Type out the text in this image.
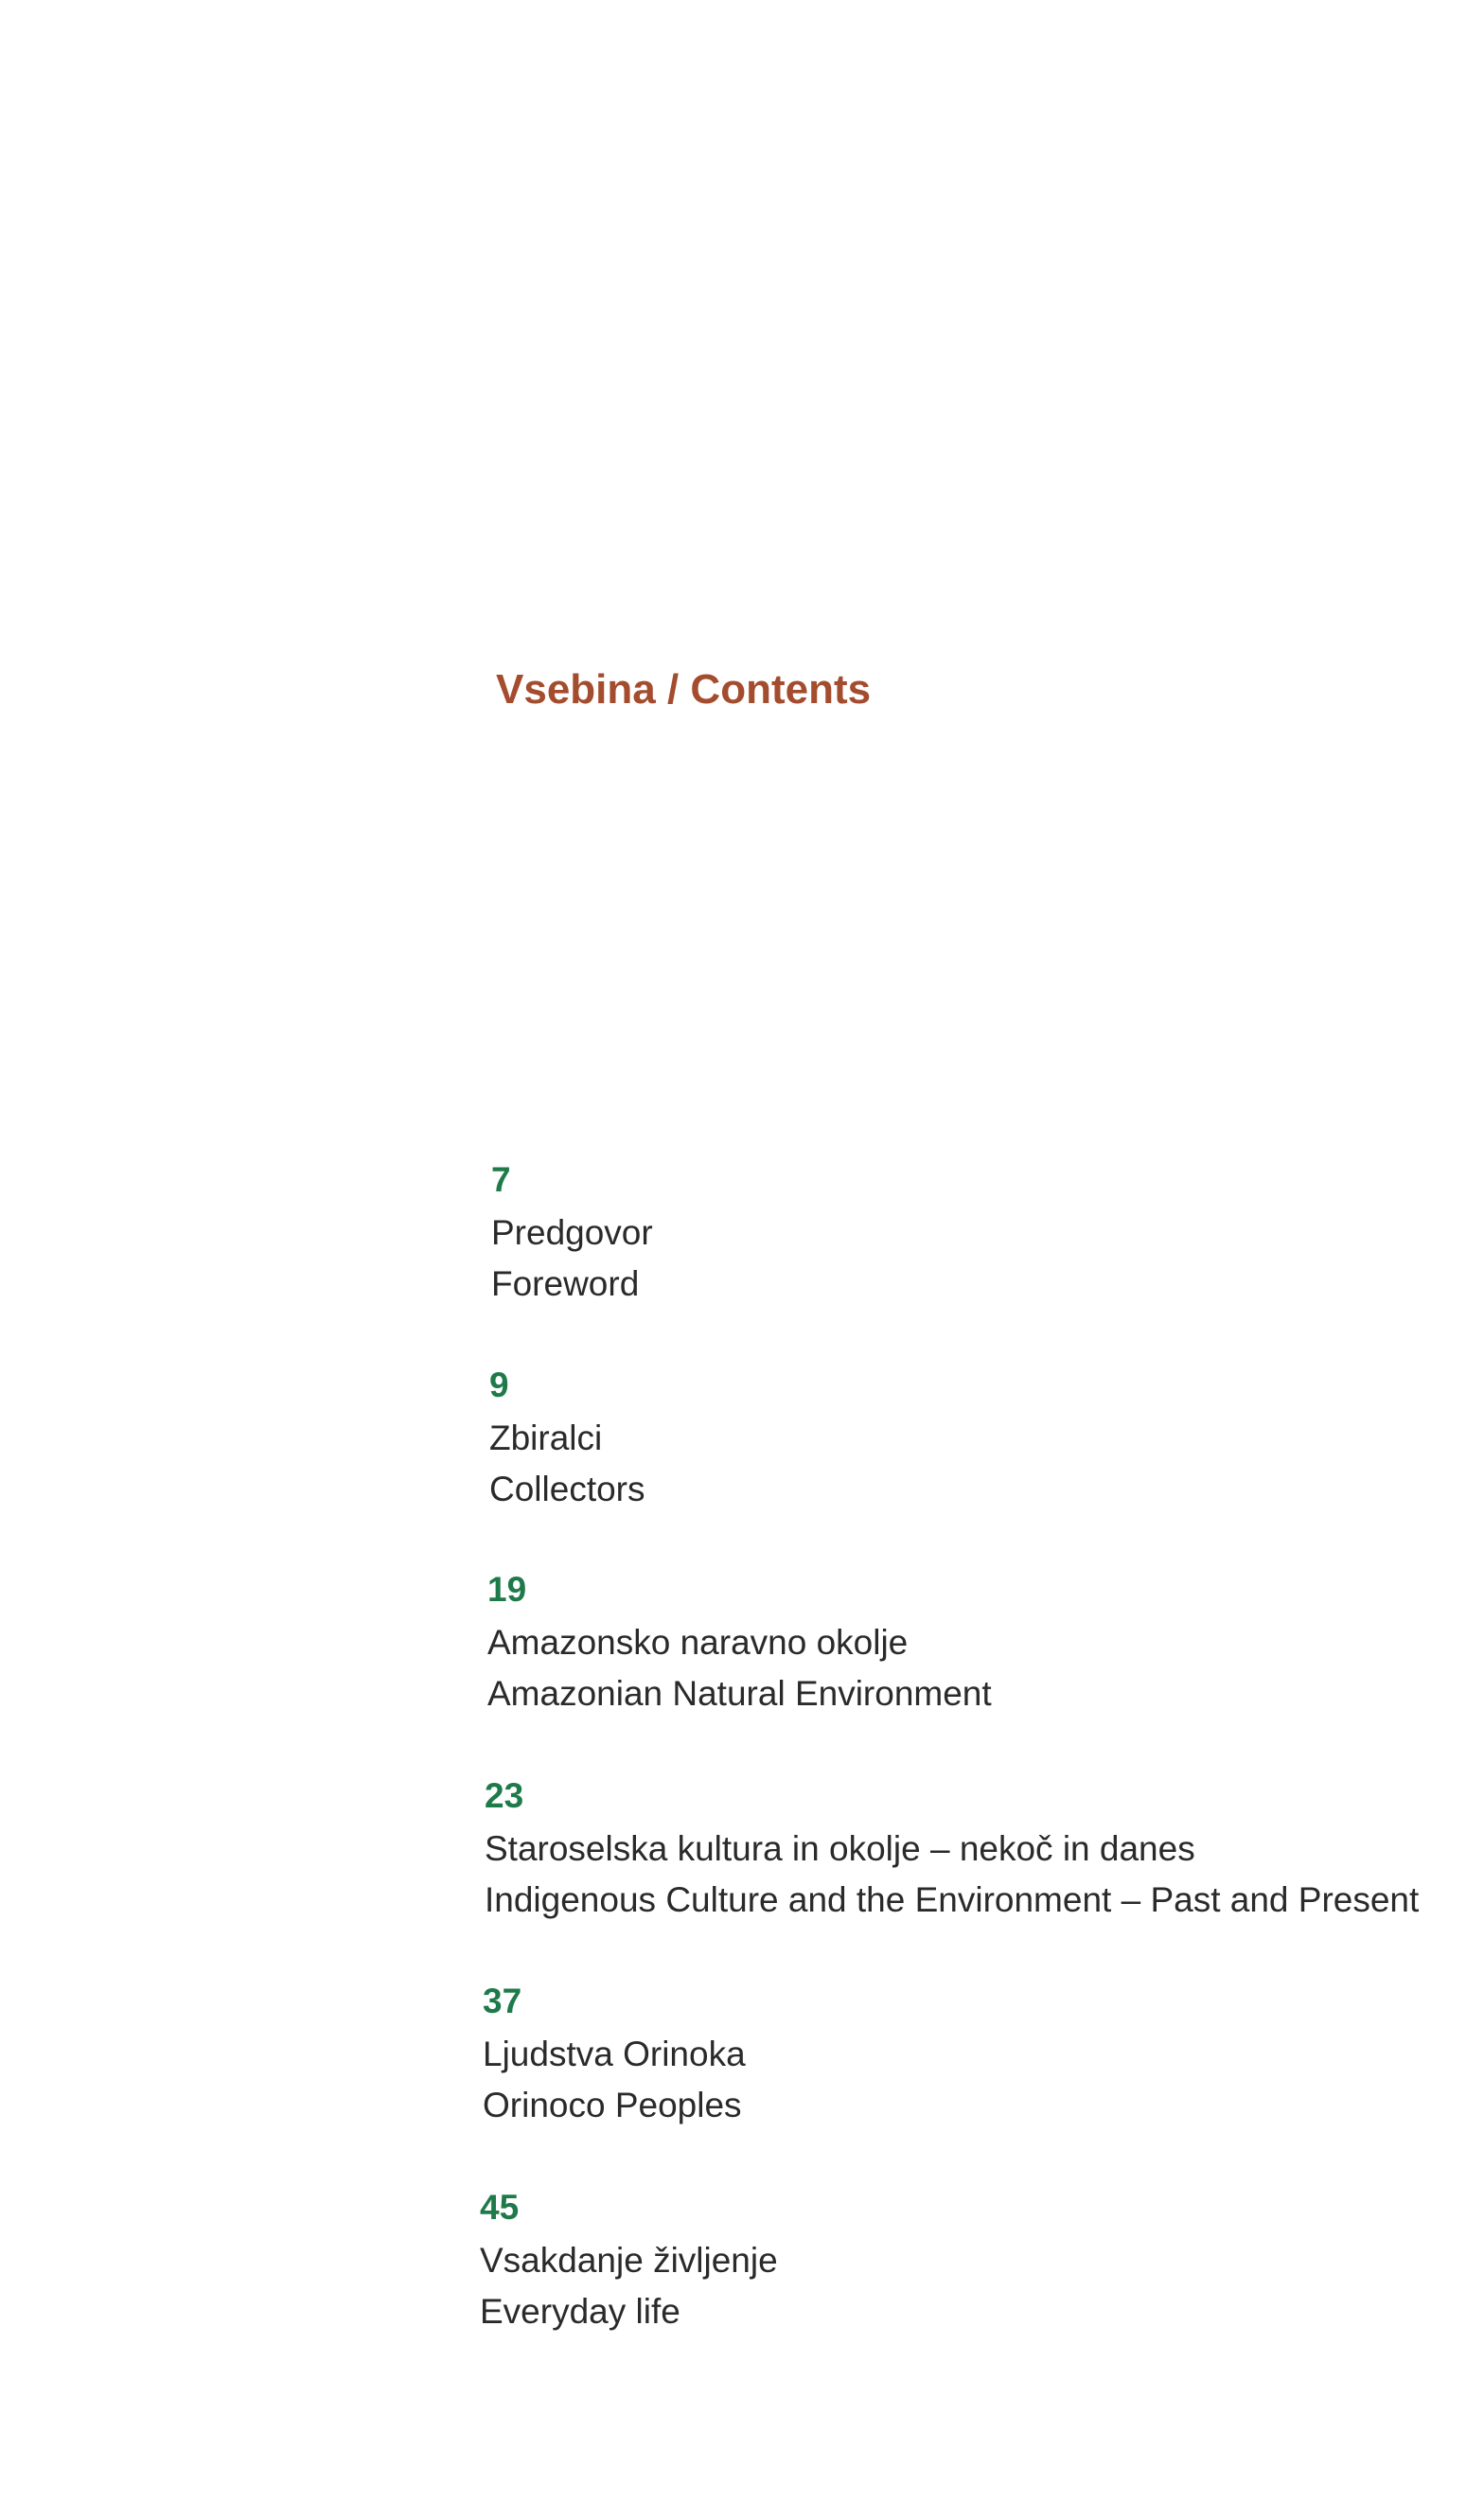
Vsebina / Contents
7
Predgovor
Foreword
9
Zbiralci
Collectors
19
Amazonsko naravno okolje
Amazonian Natural Environment
23
Staroselska kultura in okolje – nekoč in danes
Indigenous Culture and the Environment – Past and Present
37
Ljudstva Orinoka
Orinoco Peoples
45
Vsakdanje življenje
Everyday life
